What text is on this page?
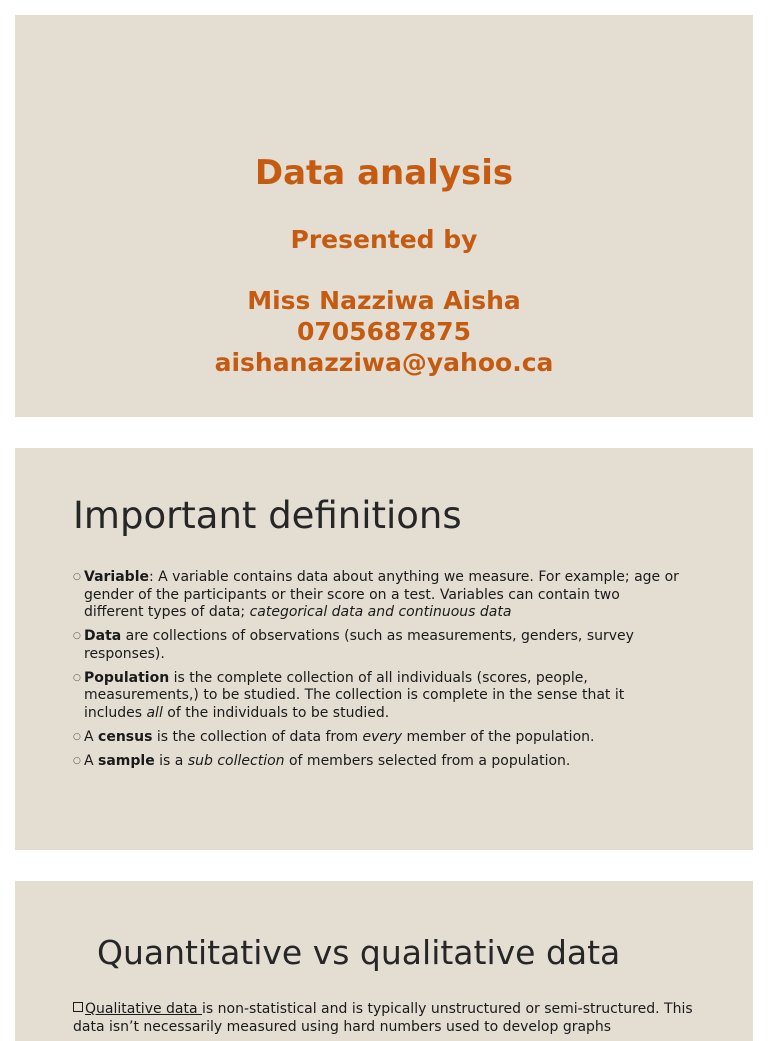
Data analysis
Presented by
Miss Nazziwa Aisha
0705687875
aishanazziwa@yahoo.ca
Important definitions
○ Variable: A variable contains data about anything we measure. For example; age or gender of the participants or their score on a test. Variables can contain two different types of data; categorical data and continuous data
○ Data are collections of observations (such as measurements, genders, survey responses).
○ Population is the complete collection of all individuals (scores, people, measurements,) to be studied. The collection is complete in the sense that it includes all of the individuals to be studied.
○ A census is the collection of data from every member of the population.
○ A sample is a sub collection of members selected from a population.
Quantitative vs qualitative data
Qualitative data is non-statistical and is typically unstructured or semi-structured. This data isn’t necessarily measured using hard numbers used to develop graphs
